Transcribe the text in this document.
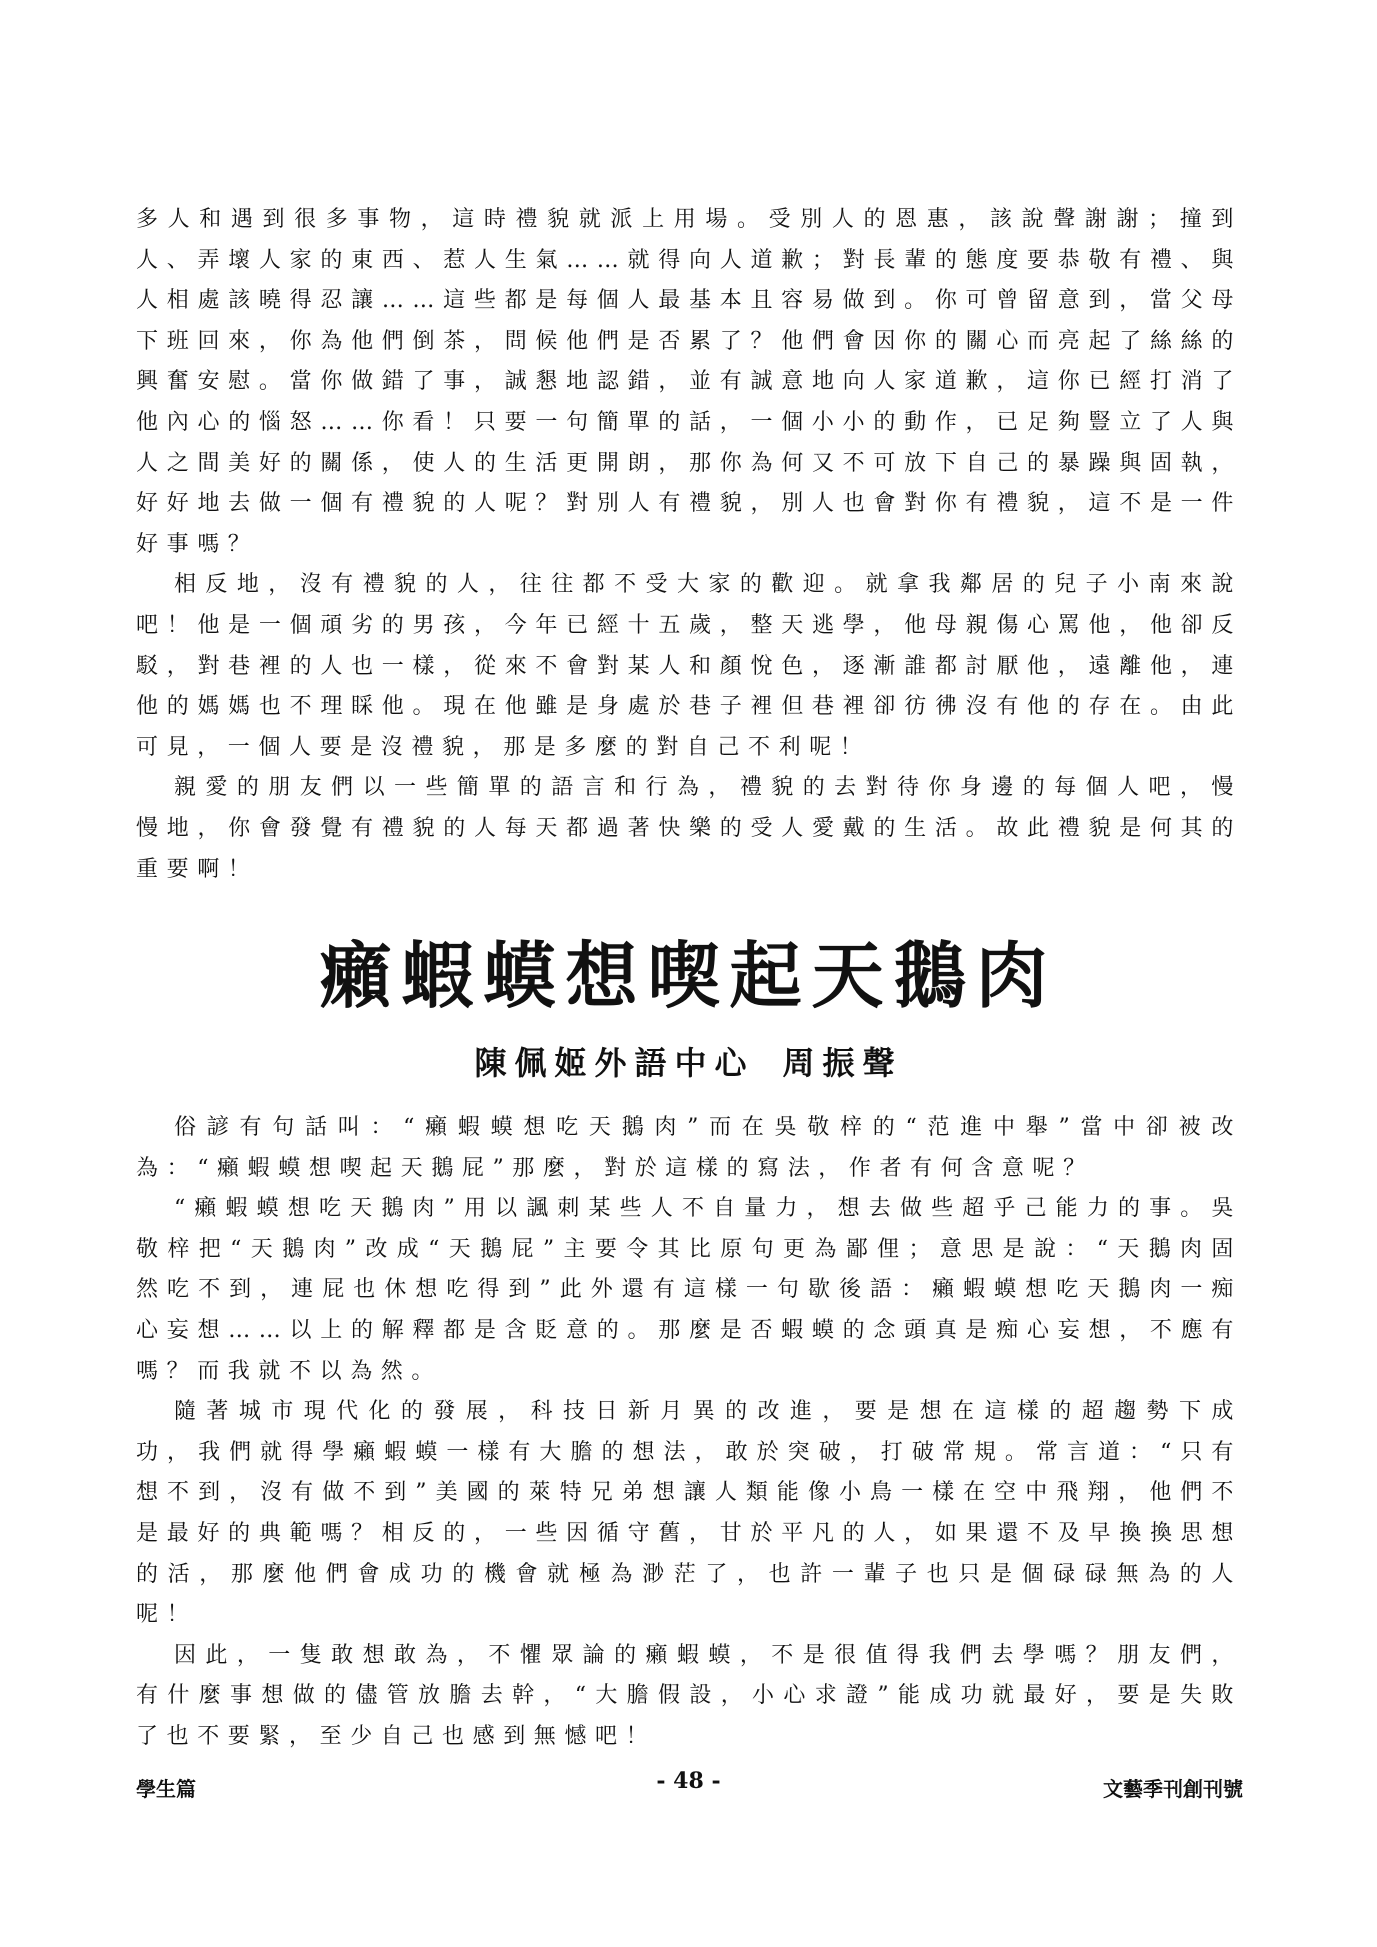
多人和遇到很多事物，這時禮貌就派上用場。受別人的恩惠，該說聲謝謝；撞到人、弄壞人家的東西、惹人生氣……就得向人道歉；對長輩的態度要恭敬有禮、與人相處該曉得忍讓……這些都是每個人最基本且容易做到。你可曾留意到，當父母下班回來，你為他們倒茶，問候他們是否累了？他們會因你的關心而亮起了絲絲的興奮安慰。當你做錯了事，誠懇地認錯，並有誠意地向人家道歉，這你已經打消了他內心的惱怒……你看！只要一句簡單的話，一個小小的動作，已足夠豎立了人與人之間美好的關係，使人的生活更開朗，那你為何又不可放下自己的暴躁與固執，好好地去做一個有禮貌的人呢？對別人有禮貌，別人也會對你有禮貌，這不是一件好事嗎？

相反地，沒有禮貌的人，往往都不受大家的歡迎。就拿我鄰居的兒子小南來說吧！他是一個頑劣的男孩，今年已經十五歲，整天逃學，他母親傷心罵他，他卻反駁，對巷裡的人也一樣，從來不會對某人和顏悅色，逐漸誰都討厭他，遠離他，連他的媽媽也不理睬他。現在他雖是身處於巷子裡但巷裡卻彷彿沒有他的存在。由此可見，一個人要是沒禮貌，那是多麼的對自己不利呢！

親愛的朋友們以一些簡單的語言和行為，禮貌的去對待你身邊的每個人吧，慢慢地，你會發覺有禮貌的人每天都過著快樂的受人愛戴的生活。故此禮貌是何其的重要啊！

癩蝦蟆想喫起天鵝肉

陳佩姬外語中心 周振聲

俗諺有句話叫：“癩蝦蟆想吃天鵝肉”而在吳敬梓的“范進中舉”當中卻被改為：“癩蝦蟆想喫起天鵝屁”那麼，對於這樣的寫法，作者有何含意呢？

“癩蝦蟆想吃天鵝肉”用以諷刺某些人不自量力，想去做些超乎己能力的事。吳敬梓把“天鵝肉”改成“天鵝屁”主要令其比原句更為鄙俚；意思是說：“天鵝肉固然吃不到，連屁也休想吃得到”此外還有這樣一句歇後語：癩蝦蟆想吃天鵝肉一痴心妄想……以上的解釋都是含貶意的。那麼是否蝦蟆的念頭真是痴心妄想，不應有嗎？而我就不以為然。

隨著城市現代化的發展，科技日新月異的改進，要是想在這樣的超趨勢下成功，我們就得學癩蝦蟆一樣有大膽的想法，敢於突破，打破常規。常言道：“只有想不到，沒有做不到”美國的萊特兄弟想讓人類能像小鳥一樣在空中飛翔，他們不是最好的典範嗎？相反的，一些因循守舊，甘於平凡的人，如果還不及早換換思想的活，那麼他們會成功的機會就極為渺茫了，也許一輩子也只是個碌碌無為的人呢！

因此，一隻敢想敢為，不懼眾論的癩蝦蟆，不是很值得我們去學嗎？朋友們，有什麼事想做的儘管放膽去幹，“大膽假設，小心求證”能成功就最好，要是失敗了也不要緊，至少自己也感到無憾吧！

學生篇	- 48 -	文藝季刊創刊號
